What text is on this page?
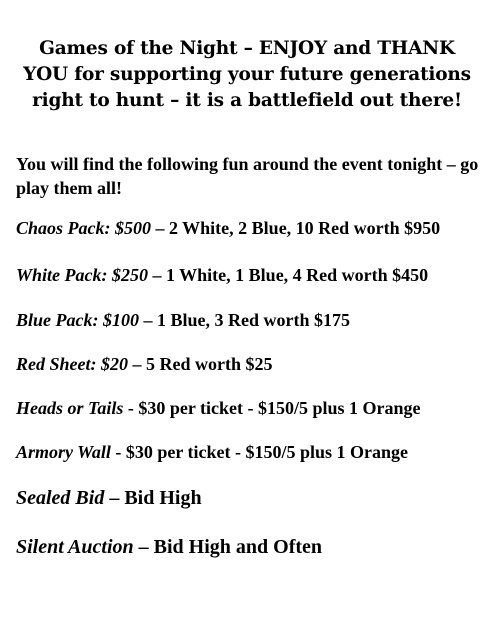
Games of the Night – ENJOY and THANK YOU for supporting your future generations right to hunt – it is a battlefield out there!

You will find the following fun around the event tonight – go play them all!

Chaos Pack: $500 – 2 White, 2 Blue, 10 Red worth $950

White Pack: $250 – 1 White, 1 Blue, 4 Red worth $450

Blue Pack: $100 – 1 Blue, 3 Red worth $175

Red Sheet: $20 – 5 Red worth $25

Heads or Tails - $30 per ticket - $150/5 plus 1 Orange

Armory Wall - $30 per ticket - $150/5 plus 1 Orange

Sealed Bid – Bid High

Silent Auction – Bid High and Often
